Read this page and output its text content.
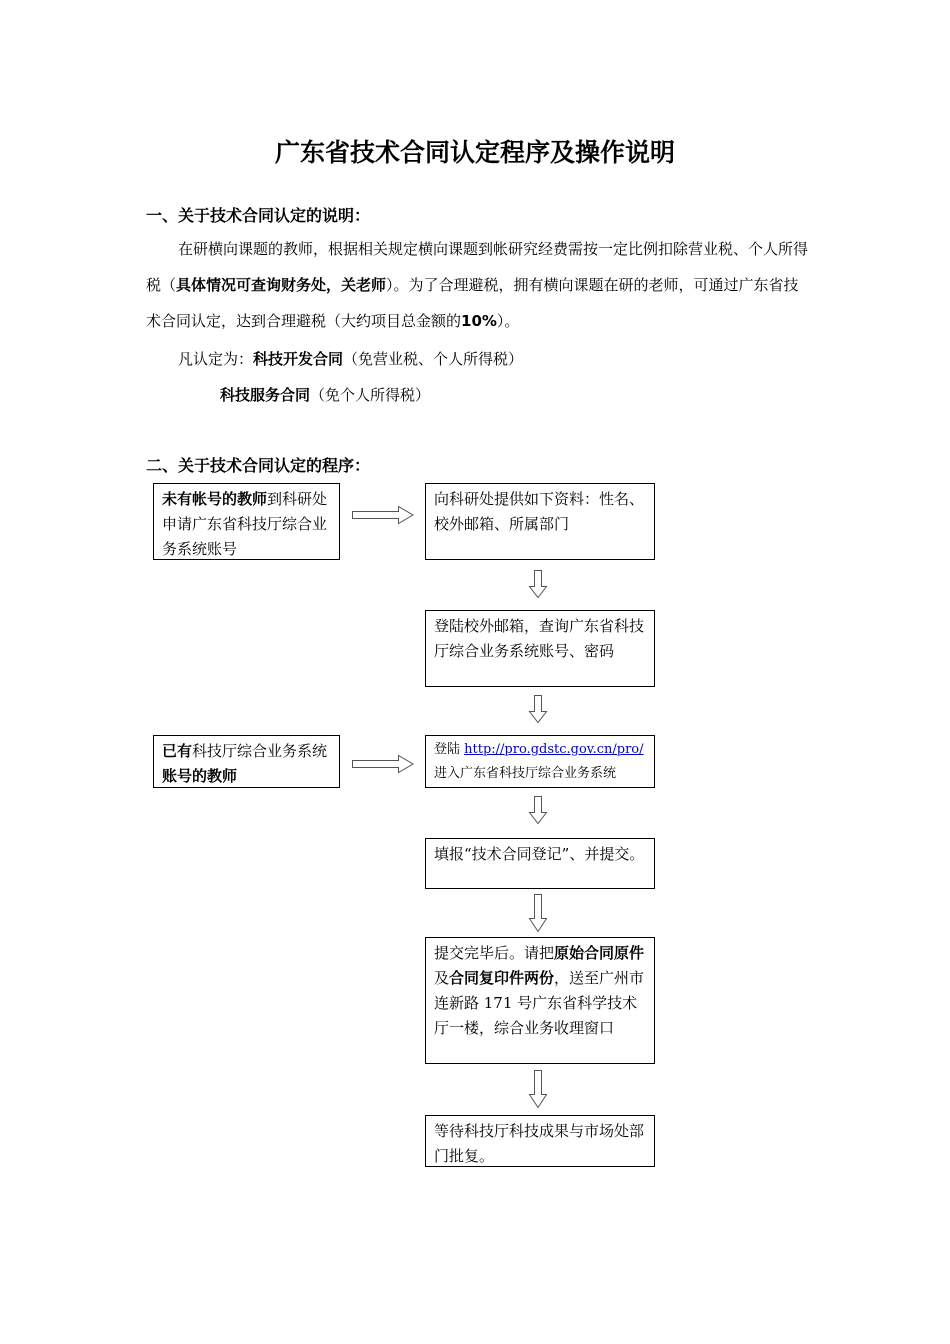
广东省技术合同认定程序及操作说明
一、关于技术合同认定的说明：
在研横向课题的教师，根据相关规定横向课题到帐研究经费需按一定比例扣除营业税、个人所得税（具体情况可查询财务处，关老师）。为了合理避税，拥有横向课题在研的老师，可通过广东省技术合同认定，达到合理避税（大约项目总金额的10%）。
凡认定为：科技开发合同（免营业税、个人所得税）
科技服务合同（免个人所得税）
二、关于技术合同认定的程序：
未有帐号的教师到科研处申请广东省科技厅综合业务系统账号
已有科技厅综合业务系统账号的教师
向科研处提供如下资料：性名、校外邮箱、所属部门
登陆校外邮箱，查询广东省科技厅综合业务系统账号、密码
登陆 http://pro.gdstc.gov.cn/pro/
进入广东省科技厅综合业务系统
填报“技术合同登记”、并提交。
提交完毕后。请把原始合同原件及合同复印件两份，送至广州市连新路 171 号广东省科学技术厅一楼，综合业务收理窗口
等待科技厅科技成果与市场处部门批复。
